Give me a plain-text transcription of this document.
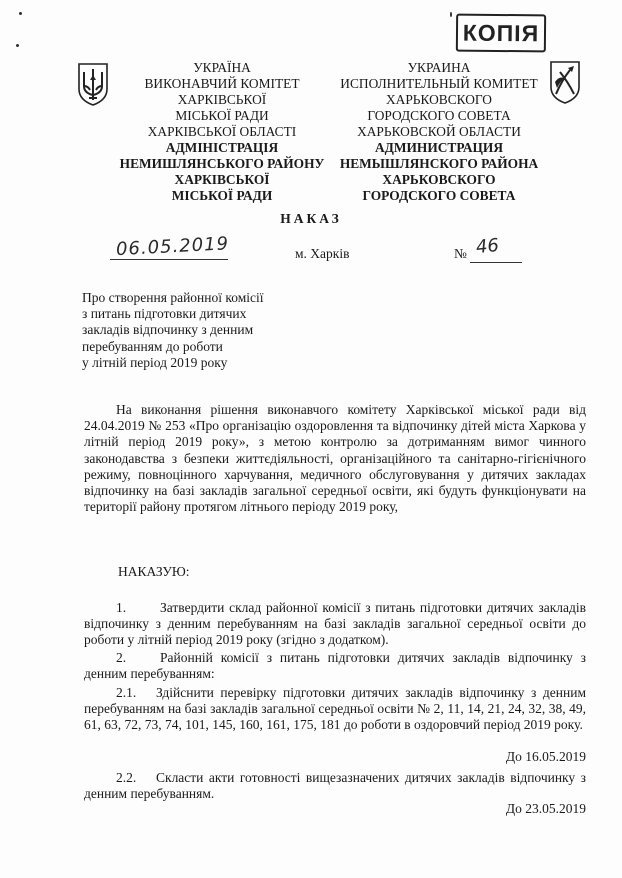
КОПІЯ
УКРАЇНА
ВИКОНАВЧИЙ КОМІТЕТ
ХАРКІВСЬКОЇ
МІСЬКОЇ РАДИ
ХАРКІВСЬКОЇ ОБЛАСТІ
АДМІНІСТРАЦІЯ
НЕМИШЛЯНСЬКОГО РАЙОНУ
ХАРКІВСЬКОЇ
МІСЬКОЇ РАДИ
УКРАИНА
ИСПОЛНИТЕЛЬНЫЙ КОМИТЕТ
ХАРЬКОВСКОГО
ГОРОДСКОГО СОВЕТА
ХАРЬКОВСКОЙ ОБЛАСТИ
АДМИНИСТРАЦИЯ
НЕМЫШЛЯНСКОГО РАЙОНА
ХАРЬКОВСКОГО
ГОРОДСКОГО СОВЕТА
НАКАЗ
06.05.2019	м. Харків	№ 46
Про створення районної комісії
з питань підготовки дитячих
закладів відпочинку з денним
перебуванням до роботи
у літній період 2019 року
На виконання рішення виконавчого комітету Харківської міської ради від 24.04.2019 № 253 «Про організацію оздоровлення та відпочинку дітей міста Харкова у літній період 2019 року», з метою контролю за дотриманням вимог чинного законодавства з безпеки життєдіяльності, організаційного та санітарно-гігієнічного режиму, повноцінного харчування, медичного обслуговування у дитячих закладах відпочинку на базі закладів загальної середньої освіти, які будуть функціонувати на території району протягом літнього періоду 2019 року,
НАКАЗУЮ:
1.	Затвердити склад районної комісії з питань підготовки дитячих закладів відпочинку з денним перебуванням на базі закладів загальної середньої освіти до роботи у літній період 2019 року (згідно з додатком).
2.	Районній комісії з питань підготовки дитячих закладів відпочинку з денним перебуванням:
2.1. Здійснити перевірку підготовки дитячих закладів відпочинку з денним перебуванням на базі закладів загальної середньої освіти № 2, 11, 14, 21, 24, 32, 38, 49, 61, 63, 72, 73, 74, 101, 145, 160, 161, 175, 181 до роботи в оздоровчий період 2019 року.
До 16.05.2019
2.2. Скласти акти готовності вищезазначених дитячих закладів відпочинку з денним перебуванням.
До 23.05.2019
